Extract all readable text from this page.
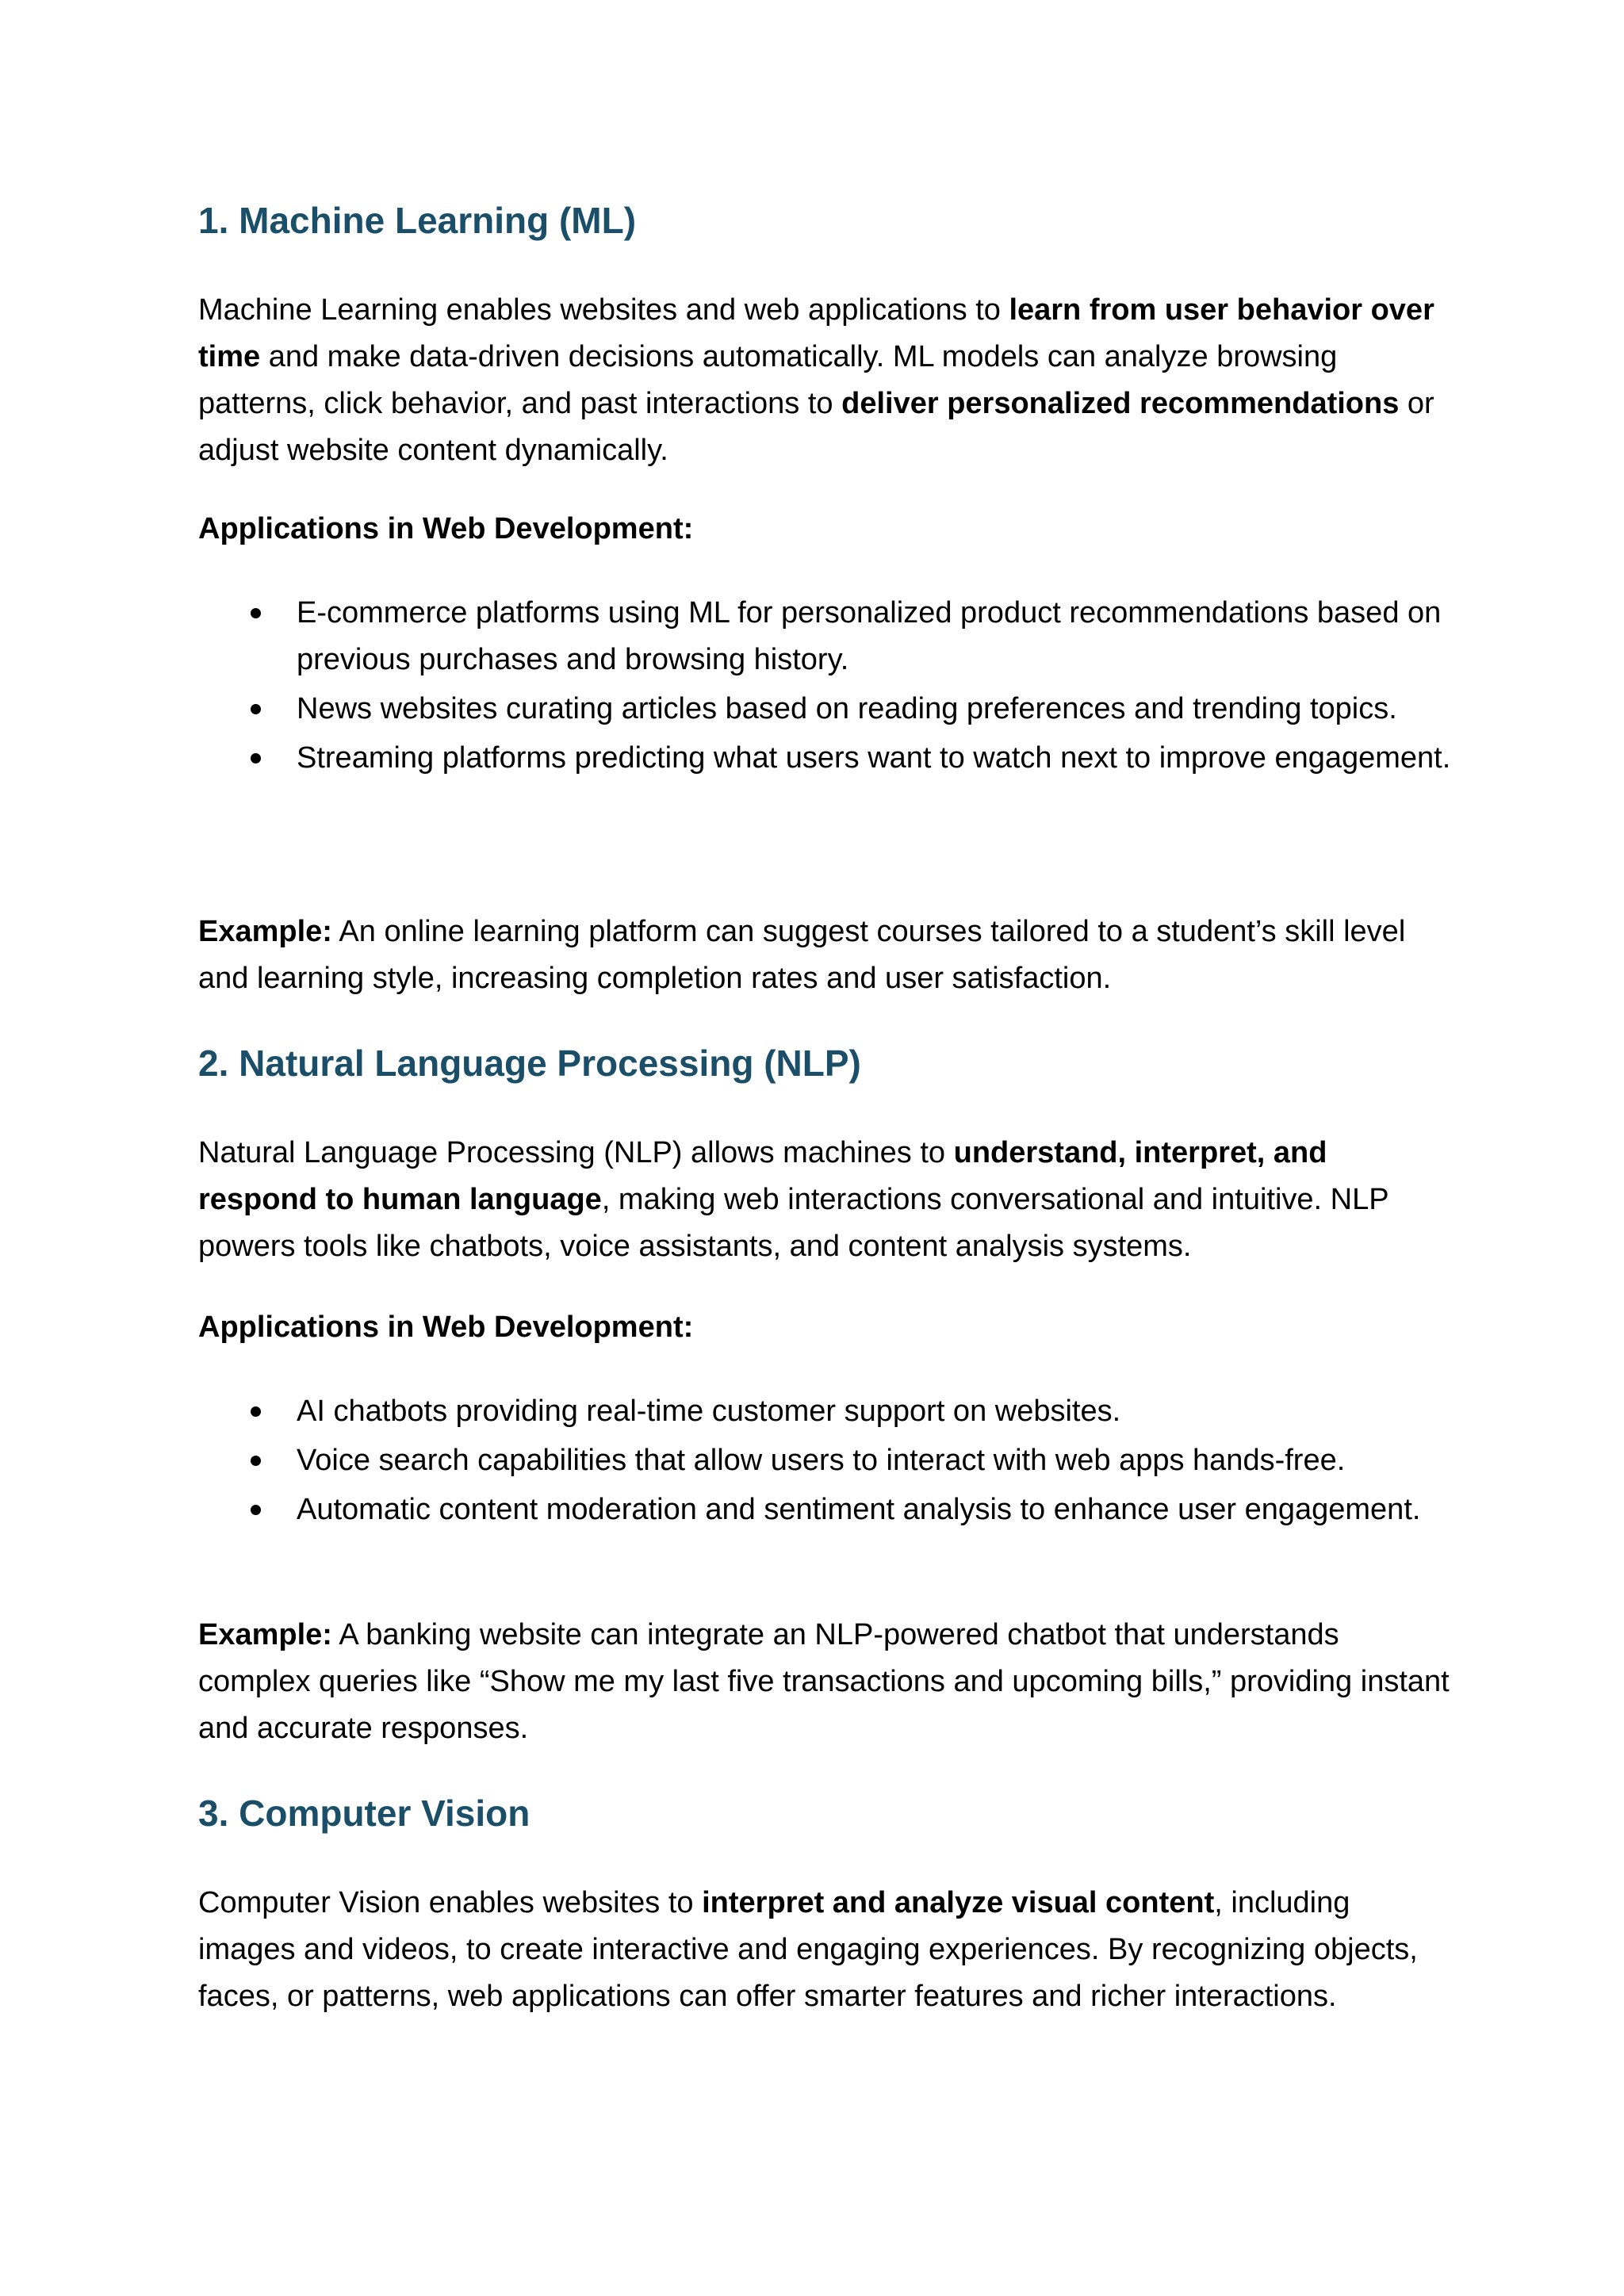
1. Machine Learning (ML)

Machine Learning enables websites and web applications to learn from user behavior over time and make data-driven decisions automatically. ML models can analyze browsing patterns, click behavior, and past interactions to deliver personalized recommendations or adjust website content dynamically.

Applications in Web Development:

E-commerce platforms using ML for personalized product recommendations based on previous purchases and browsing history.
News websites curating articles based on reading preferences and trending topics.
Streaming platforms predicting what users want to watch next to improve engagement.

Example: An online learning platform can suggest courses tailored to a student’s skill level and learning style, increasing completion rates and user satisfaction.

2. Natural Language Processing (NLP)

Natural Language Processing (NLP) allows machines to understand, interpret, and respond to human language, making web interactions conversational and intuitive. NLP powers tools like chatbots, voice assistants, and content analysis systems.

Applications in Web Development:

AI chatbots providing real-time customer support on websites.
Voice search capabilities that allow users to interact with web apps hands-free.
Automatic content moderation and sentiment analysis to enhance user engagement.

Example: A banking website can integrate an NLP-powered chatbot that understands complex queries like “Show me my last five transactions and upcoming bills,” providing instant and accurate responses.

3. Computer Vision

Computer Vision enables websites to interpret and analyze visual content, including images and videos, to create interactive and engaging experiences. By recognizing objects, faces, or patterns, web applications can offer smarter features and richer interactions.
